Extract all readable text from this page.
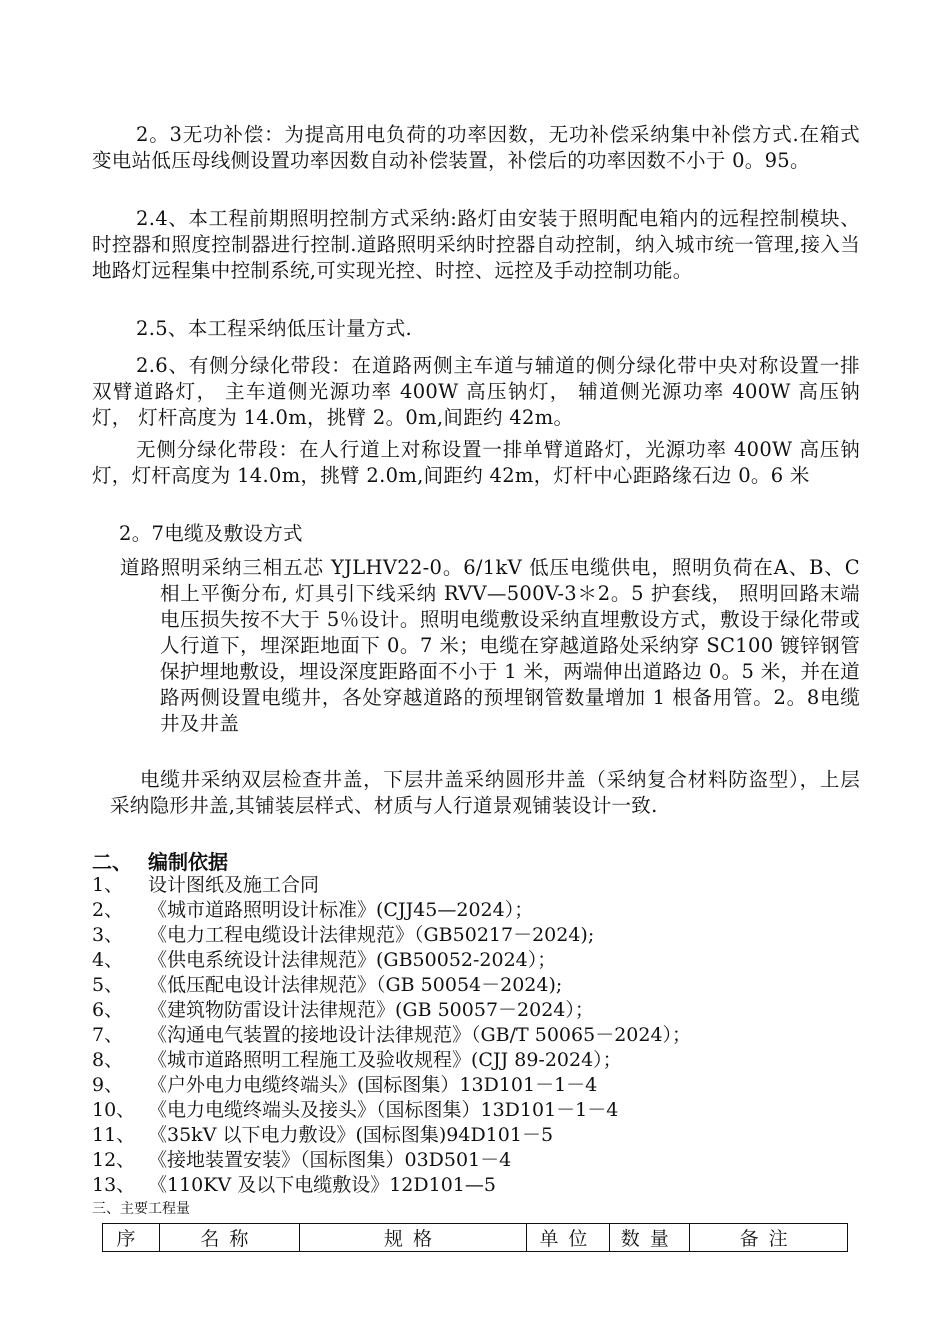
2。3无功补偿：为提高用电负荷的功率因数，无功补偿采纳集中补偿方式.在箱式变电站低压母线侧设置功率因数自动补偿装置，补偿后的功率因数不小于 0。95。

2.4、本工程前期照明控制方式采纳:路灯由安装于照明配电箱内的远程控制模块、时控器和照度控制器进行控制.道路照明采纳时控器自动控制，纳入城市统一管理,接入当地路灯远程集中控制系统,可实现光控、时控、远控及手动控制功能。

2.5、本工程采纳低压计量方式.

2.6、有侧分绿化带段：在道路两侧主车道与辅道的侧分绿化带中央对称设置一排双臂道路灯， 主车道侧光源功率 400W 高压钠灯， 辅道侧光源功率 400W 高压钠灯， 灯杆高度为 14.0m，挑臂 2。0m,间距约 42m。

无侧分绿化带段：在人行道上对称设置一排单臂道路灯，光源功率 400W 高压钠灯，灯杆高度为 14.0m，挑臂 2.0m,间距约 42m，灯杆中心距路缘石边 0。6 米

2。7电缆及敷设方式

道路照明采纳三相五芯 YJLHV22-0。6/1kV 低压电缆供电，照明负荷在A、B、C 相上平衡分布, 灯具引下线采纳 RVV—500V-3＊2。5 护套线， 照明回路末端电压损失按不大于 5％设计。照明电缆敷设采纳直埋敷设方式，敷设于绿化带或人行道下，埋深距地面下 0。7 米；电缆在穿越道路处采纳穿 SC100 镀锌钢管保护埋地敷设，埋设深度距路面不小于 1 米，两端伸出道路边 0。5 米，并在道路两侧设置电缆井，各处穿越道路的预埋钢管数量增加 1 根备用管。2。8电缆井及井盖

电缆井采纳双层检查井盖，下层井盖采纳圆形井盖（采纳复合材料防盗型），上层采纳隐形井盖,其铺装层样式、材质与人行道景观铺装设计一致.

二、 编制依据
1、 设计图纸及施工合同
2、 《城市道路照明设计标准》(CJJ45—2024）；
3、 《电力工程电缆设计法律规范》（GB50217－2024);
4、 《供电系统设计法律规范》(GB50052-2024）；
5、 《低压配电设计法律规范》（GB 50054－2024);
6、 《建筑物防雷设计法律规范》(GB 50057－2024）；
7、 《沟通电气装置的接地设计法律规范》（GB/T 50065－2024）；
8、 《城市道路照明工程施工及验收规程》(CJJ 89-2024）；
9、 《户外电力电缆终端头》(国标图集）13D101－1－4
10、 《电力电缆终端头及接头》（国标图集）13D101－1－4
11、 《35kV 以下电力敷设》(国标图集)94D101－5
12、 《接地装置安装》（国标图集）03D501－4
13、 《110KV 及以下电缆敷设》12D101—5

三、主要工程量

序	名称	规格	单位	数量	备注
